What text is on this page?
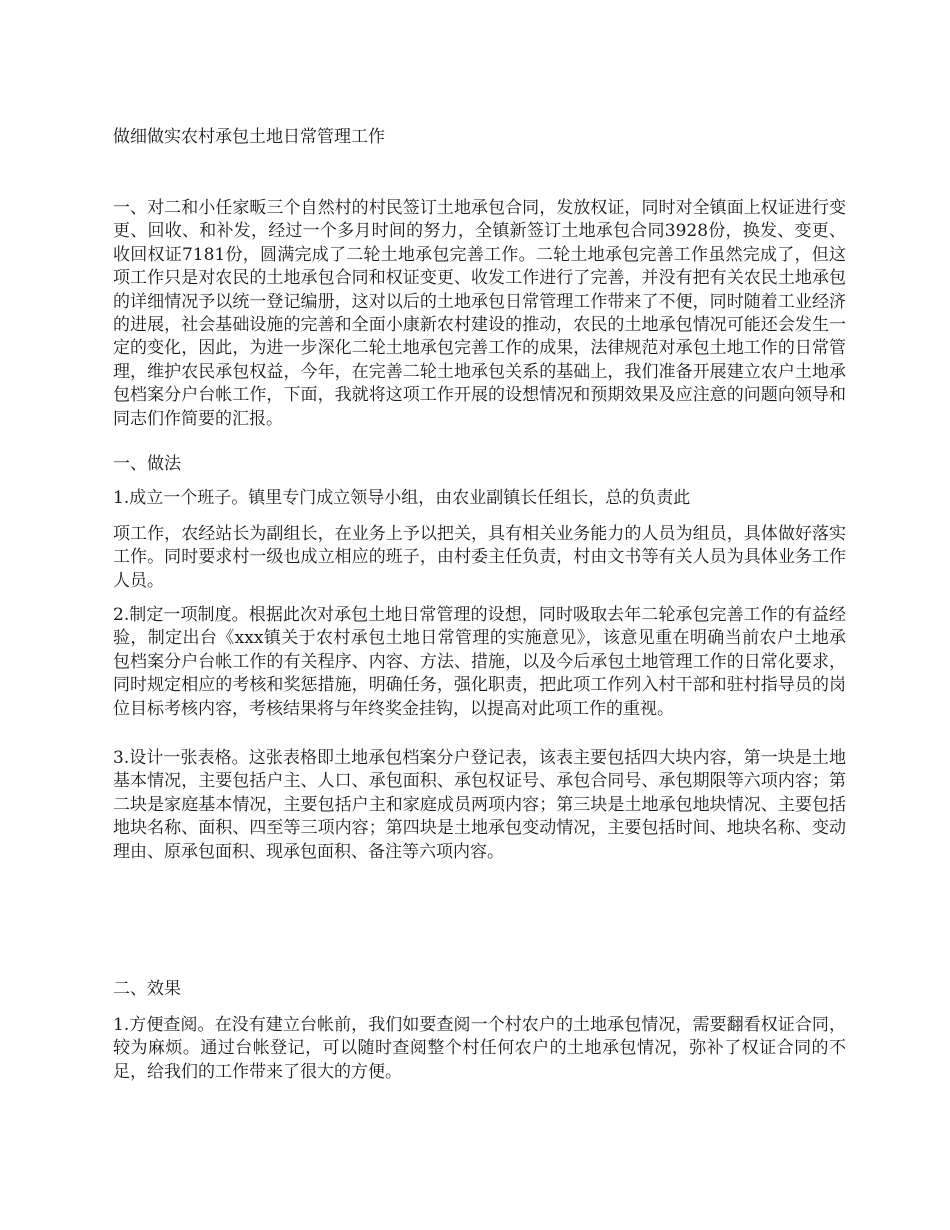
做细做实农村承包土地日常管理工作

一、对二和小任家畈三个自然村的村民签订土地承包合同，发放权证，同时对全镇面上权证进行变更、回收、和补发，经过一个多月时间的努力，全镇新签订土地承包合同3928份，换发、变更、收回权证7181份，圆满完成了二轮土地承包完善工作。二轮土地承包完善工作虽然完成了，但这项工作只是对农民的土地承包合同和权证变更、收发工作进行了完善，并没有把有关农民土地承包的详细情况予以统一登记编册，这对以后的土地承包日常管理工作带来了不便，同时随着工业经济的进展，社会基础设施的完善和全面小康新农村建设的推动，农民的土地承包情况可能还会发生一定的变化，因此，为进一步深化二轮土地承包完善工作的成果，法律规范对承包土地工作的日常管理，维护农民承包权益，今年，在完善二轮土地承包关系的基础上，我们准备开展建立农户土地承包档案分户台帐工作，下面，我就将这项工作开展的设想情况和预期效果及应注意的问题向领导和同志们作简要的汇报。

一、做法

1.成立一个班子。镇里专门成立领导小组，由农业副镇长任组长，总的负责此

项工作，农经站长为副组长，在业务上予以把关，具有相关业务能力的人员为组员，具体做好落实工作。同时要求村一级也成立相应的班子，由村委主任负责，村由文书等有关人员为具体业务工作人员。

2.制定一项制度。根据此次对承包土地日常管理的设想，同时吸取去年二轮承包完善工作的有益经验，制定出台《xxx镇关于农村承包土地日常管理的实施意见》，该意见重在明确当前农户土地承包档案分户台帐工作的有关程序、内容、方法、措施，以及今后承包土地管理工作的日常化要求，同时规定相应的考核和奖惩措施，明确任务，强化职责，把此项工作列入村干部和驻村指导员的岗位目标考核内容，考核结果将与年终奖金挂钩，以提高对此项工作的重视。

3.设计一张表格。这张表格即土地承包档案分户登记表，该表主要包括四大块内容，第一块是土地基本情况，主要包括户主、人口、承包面积、承包权证号、承包合同号、承包期限等六项内容；第二块是家庭基本情况，主要包括户主和家庭成员两项内容；第三块是土地承包地块情况、主要包括地块名称、面积、四至等三项内容；第四块是土地承包变动情况，主要包括时间、地块名称、变动理由、原承包面积、现承包面积、备注等六项内容。

二、效果

1.方便查阅。在没有建立台帐前，我们如要查阅一个村农户的土地承包情况，需要翻看权证合同，较为麻烦。通过台帐登记，可以随时查阅整个村任何农户的土地承包情况，弥补了权证合同的不足，给我们的工作带来了很大的方便。
